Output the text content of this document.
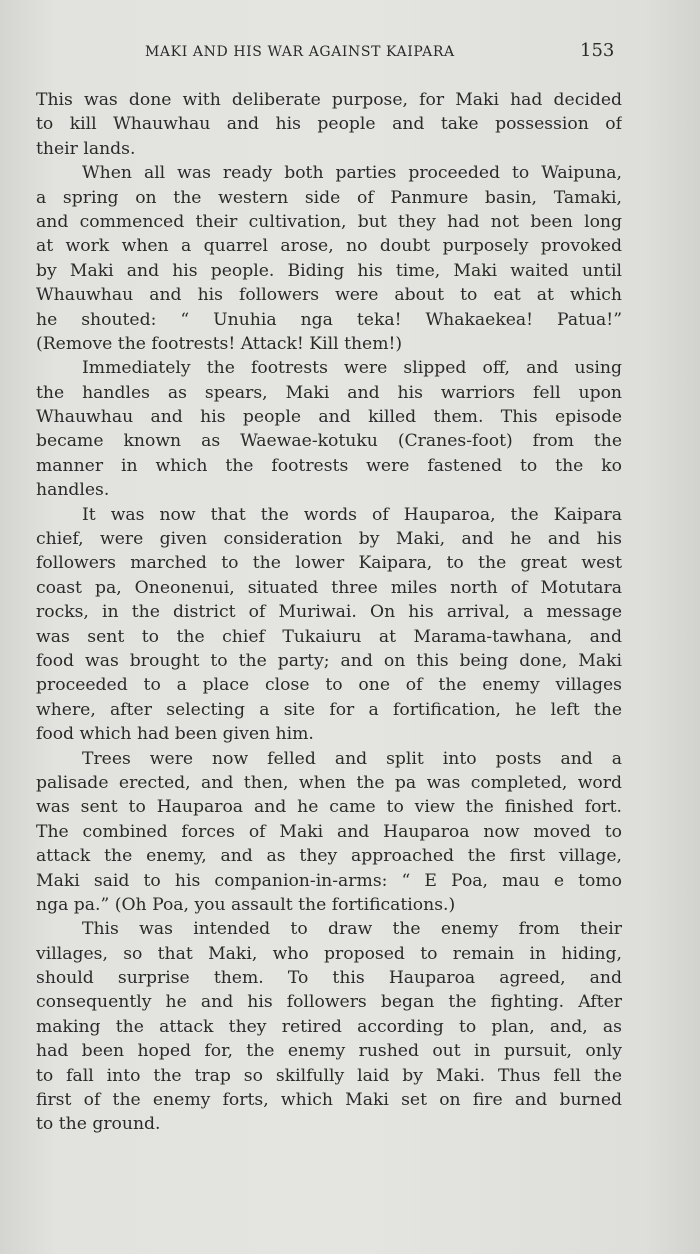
MAKI AND HIS WAR AGAINST KAIPARA	153
This was done with deliberate purpose, for Maki had decided
to kill Whauwhau and his people and take possession of
their lands.
When all was ready both parties proceeded to Waipuna,
a spring on the western side of Panmure basin, Tamaki,
and commenced their cultivation, but they had not been long
at work when a quarrel arose, no doubt purposely provoked
by Maki and his people. Biding his time, Maki waited until
Whauwhau and his followers were about to eat at which
he shouted: “ Unuhia nga teka! Whakaekea! Patua!”
(Remove the footrests! Attack! Kill them!)
Immediately the footrests were slipped off, and using
the handles as spears, Maki and his warriors fell upon
Whauwhau and his people and killed them. This episode
became known as Waewae-kotuku (Cranes-foot) from the
manner in which the footrests were fastened to the ko
handles.
It was now that the words of Hauparoa, the Kaipara
chief, were given consideration by Maki, and he and his
followers marched to the lower Kaipara, to the great west
coast pa, Oneonenui, situated three miles north of Motutara
rocks, in the district of Muriwai. On his arrival, a message
was sent to the chief Tukaiuru at Marama-tawhana, and
food was brought to the party; and on this being done, Maki
proceeded to a place close to one of the enemy villages
where, after selecting a site for a fortification, he left the
food which had been given him.
Trees were now felled and split into posts and a
palisade erected, and then, when the pa was completed, word
was sent to Hauparoa and he came to view the finished fort.
The combined forces of Maki and Hauparoa now moved to
attack the enemy, and as they approached the first village,
Maki said to his companion-in-arms: “ E Poa, mau e tomo
nga pa.” (Oh Poa, you assault the fortifications.)
This was intended to draw the enemy from their
villages, so that Maki, who proposed to remain in hiding,
should surprise them. To this Hauparoa agreed, and
consequently he and his followers began the fighting. After
making the attack they retired according to plan, and, as
had been hoped for, the enemy rushed out in pursuit, only
to fall into the trap so skilfully laid by Maki. Thus fell the
first of the enemy forts, which Maki set on fire and burned
to the ground.
